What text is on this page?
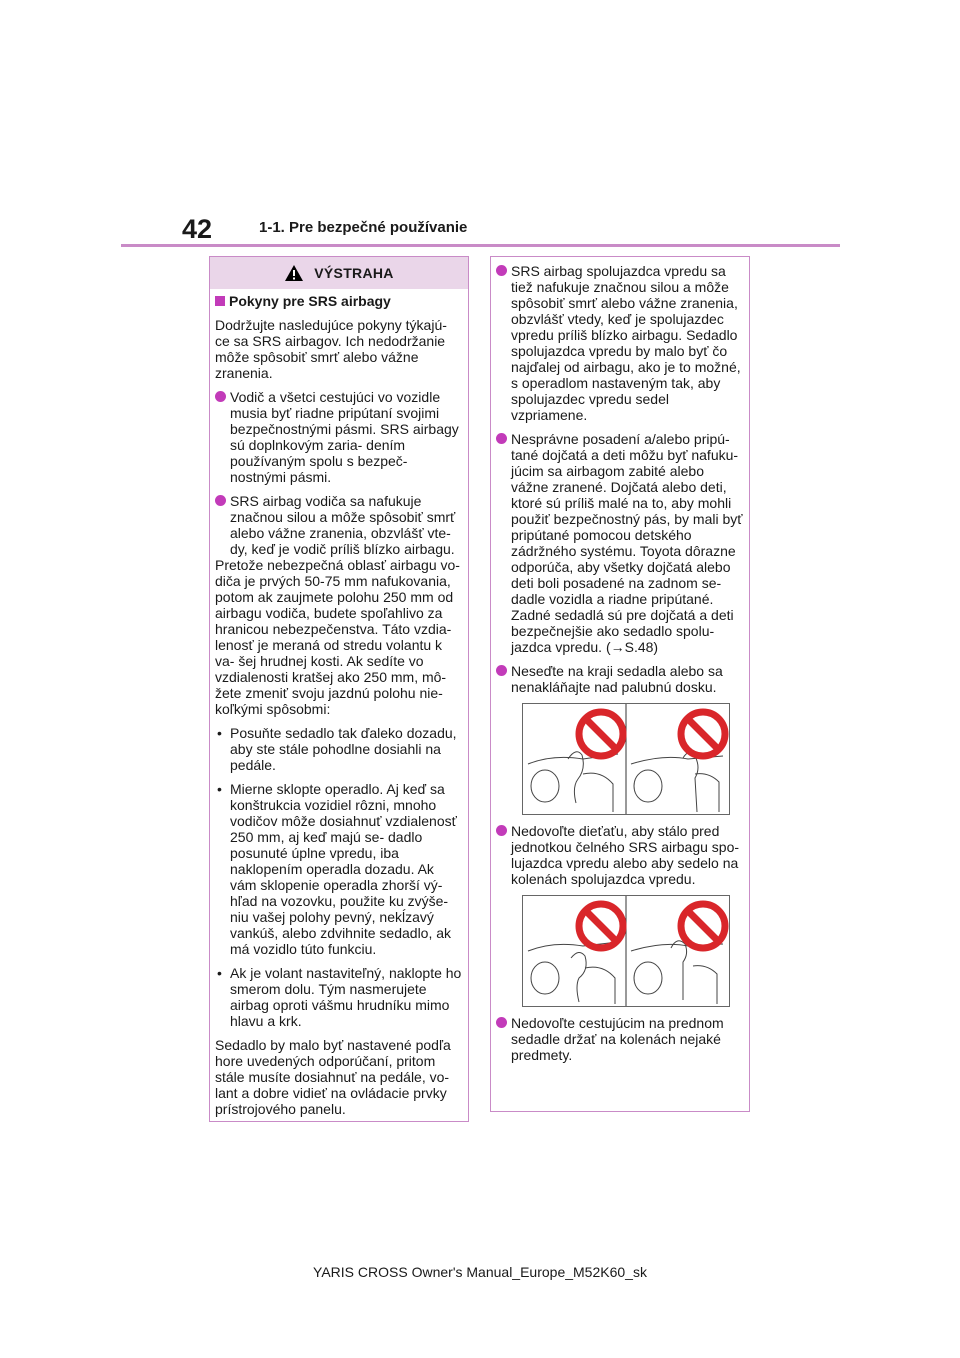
42	1-1. Pre bezpečné používanie
VÝSTRAHA

Pokyny pre SRS airbagy

Dodržujte nasledujúce pokyny týkajú- ce sa SRS airbagov. Ich nedodržanie môže spôsobiť smrť alebo vážne zranenia.

Vodič a všetci cestujúci vo vozidle musia byť riadne pripútaní svojimi bezpečnostnými pásmi. SRS airbagy sú doplnkovým zaria- dením používaným spolu s bezpeč- nostnými pásmi.

SRS airbag vodiča sa nafukuje značnou silou a môže spôsobiť smrť alebo vážne zranenia, obzvlášť vte- dy, keď je vodič príliš blízko airbagu.

Pretože nebezpečná oblasť airbagu vo- diča je prvých 50-75 mm nafukovania, potom ak zaujmete polohu 250 mm od airbagu vodiča, budete spoľahlivo za hranicou nebezpečenstva. Táto vzdia- lenosť je meraná od stredu volantu k va- šej hrudnej kosti. Ak sedíte vo vzdialenosti kratšej ako 250 mm, mô- žete zmeniť svoju jazdnú polohu nie- koľkými spôsobmi:

• Posuňte sedadlo tak ďaleko dozadu, aby ste stále pohodlne dosiahli na pedále.
• Mierne sklopte operadlo. Aj keď sa konštrukcia vozidiel rôzni, mnoho vodičov môže dosiahnuť vzdialenosť 250 mm, aj keď majú se- dadlo posunuté úplne vpredu, iba naklopením operadla dozadu. Ak vám sklopenie operadla zhorší vý- hľad na vozovku, použite ku zvýše- niu vašej polohy pevný, nekĺzavý vankúš, alebo zdvihnite sedadlo, ak má vozidlo túto funkciu.
• Ak je volant nastaviteľný, naklopte ho smerom dolu. Tým nasmerujete airbag oproti vášmu hrudníku mimo hlavu a krk.

Sedadlo by malo byť nastavené podľa hore uvedených odporúčaní, pritom stále musíte dosiahnuť na pedále, vo- lant a dobre vidieť na ovládacie prvky prístrojového panelu.

SRS airbag spolujazdca vpredu sa tiež nafukuje značnou silou a môže spôsobiť smrť alebo vážne zranenia, obzvlášť vtedy, keď je spolujazdec vpredu príliš blízko airbagu. Sedadlo spolujazdca vpredu by malo byť čo najďalej od airbagu, ako je to možné, s operadlom nastaveným tak, aby spolujazdec vpredu sedel vzpriamene.

Nesprávne posadení a/alebo pripú- tané dojčatá a deti môžu byť nafuku- júcim sa airbagom zabité alebo vážne zranené. Dojčatá alebo deti, ktoré sú príliš malé na to, aby mohli použiť bezpečnostný pás, by mali byť pripútané pomocou detského zádržného systému. Toyota dôrazne odporúča, aby všetky dojčatá alebo deti boli posadené na zadnom se- dadle vozidla a riadne pripútané. Zadné sedadlá sú pre dojčatá a deti bezpečnejšie ako sedadlo spolu- jazdca vpredu. (→S.48)

Neseďte na kraji sedadla alebo sa nenakláňajte nad palubnú dosku.

Nedovoľte dieťaťu, aby stálo pred jednotkou čelného SRS airbagu spo- lujazdca vpredu alebo aby sedelo na kolenách spolujazdca vpredu.

Nedovoľte cestujúcim na prednom sedadle držať na kolenách nejaké predmety.

YARIS CROSS Owner's Manual_Europe_M52K60_sk
